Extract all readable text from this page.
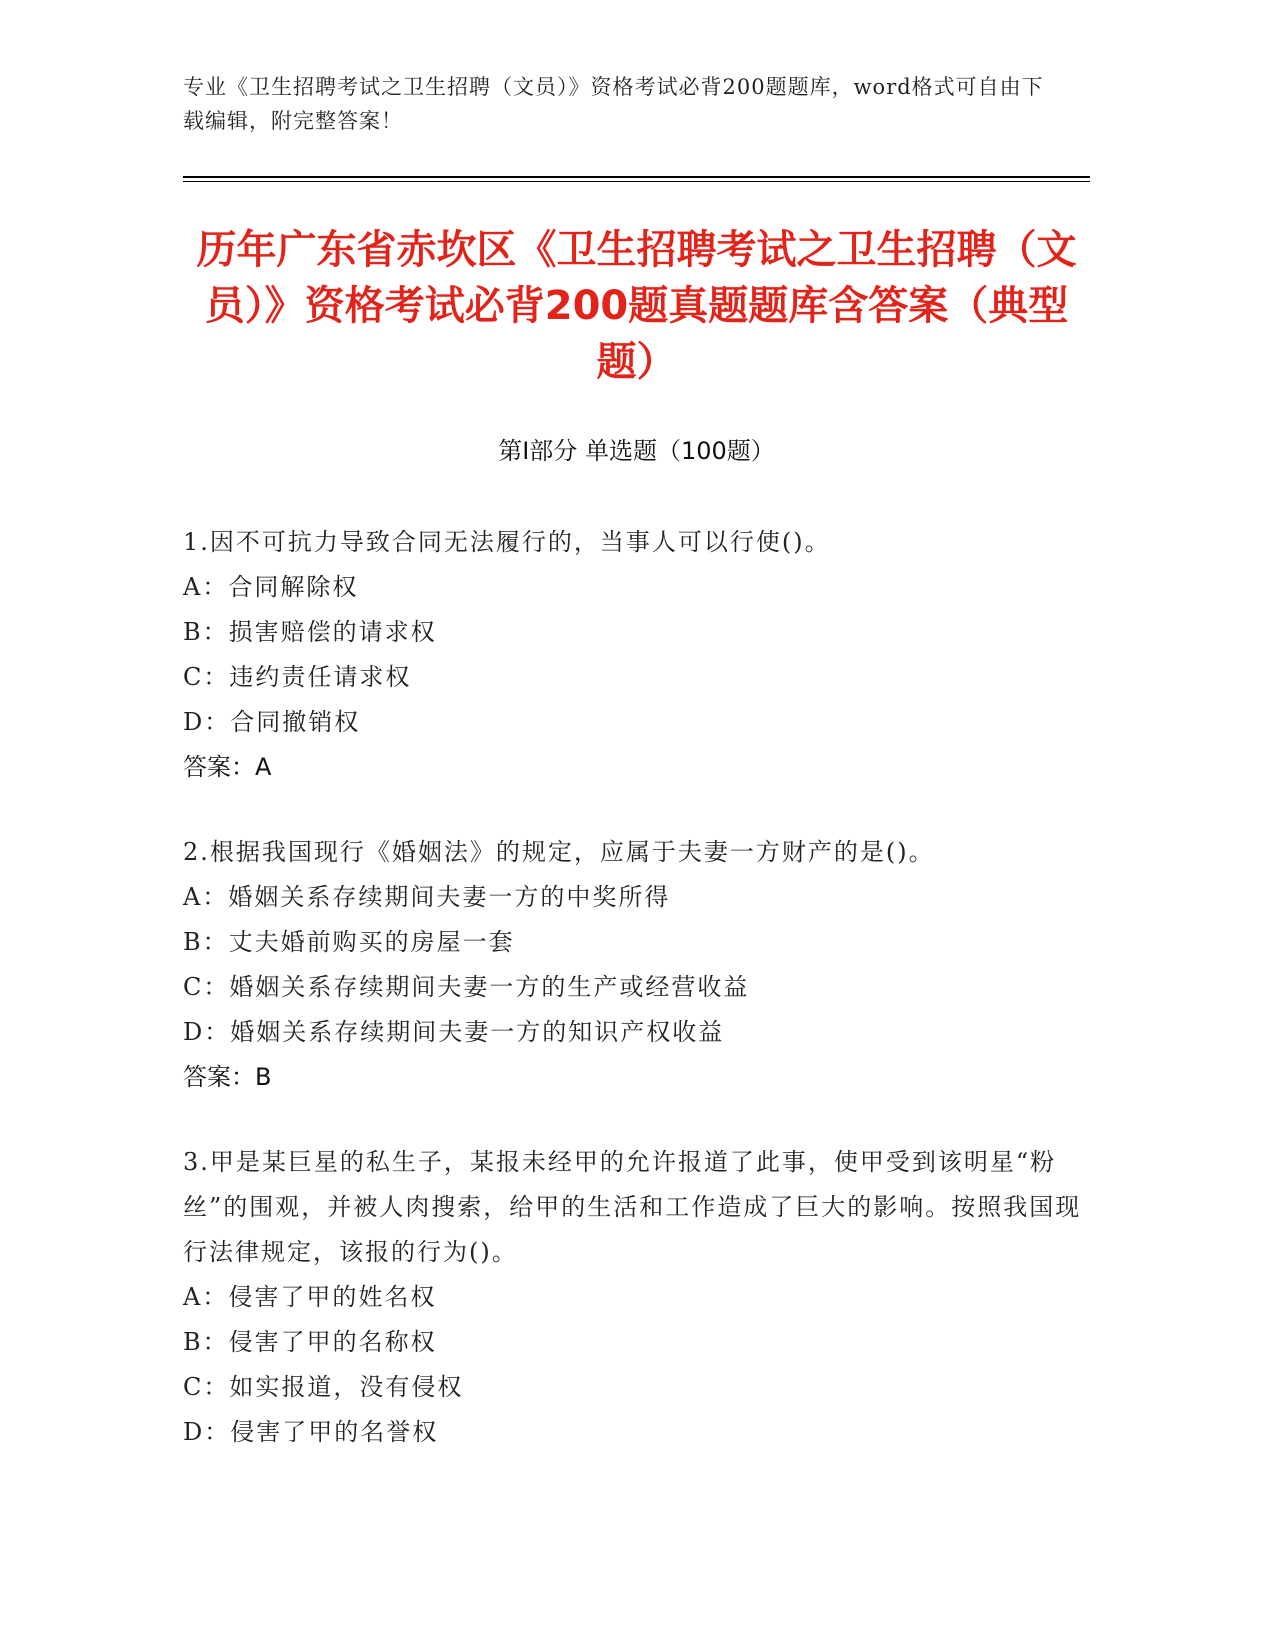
专业《卫生招聘考试之卫生招聘（文员）》资格考试必背200题题库，word格式可自由下载编辑，附完整答案！
历年广东省赤坎区《卫生招聘考试之卫生招聘（文员）》资格考试必背200题真题题库含答案（典型题）
第I部分 单选题（100题）
1.因不可抗力导致合同无法履行的，当事人可以行使()。
A：合同解除权
B：损害赔偿的请求权
C：违约责任请求权
D：合同撤销权
答案：A
2.根据我国现行《婚姻法》的规定，应属于夫妻一方财产的是()。
A：婚姻关系存续期间夫妻一方的中奖所得
B：丈夫婚前购买的房屋一套
C：婚姻关系存续期间夫妻一方的生产或经营收益
D：婚姻关系存续期间夫妻一方的知识产权收益
答案：B
3.甲是某巨星的私生子，某报未经甲的允许报道了此事，使甲受到该明星“粉丝”的围观，并被人肉搜索，给甲的生活和工作造成了巨大的影响。按照我国现行法律规定，该报的行为()。
A：侵害了甲的姓名权
B：侵害了甲的名称权
C：如实报道，没有侵权
D：侵害了甲的名誉权
